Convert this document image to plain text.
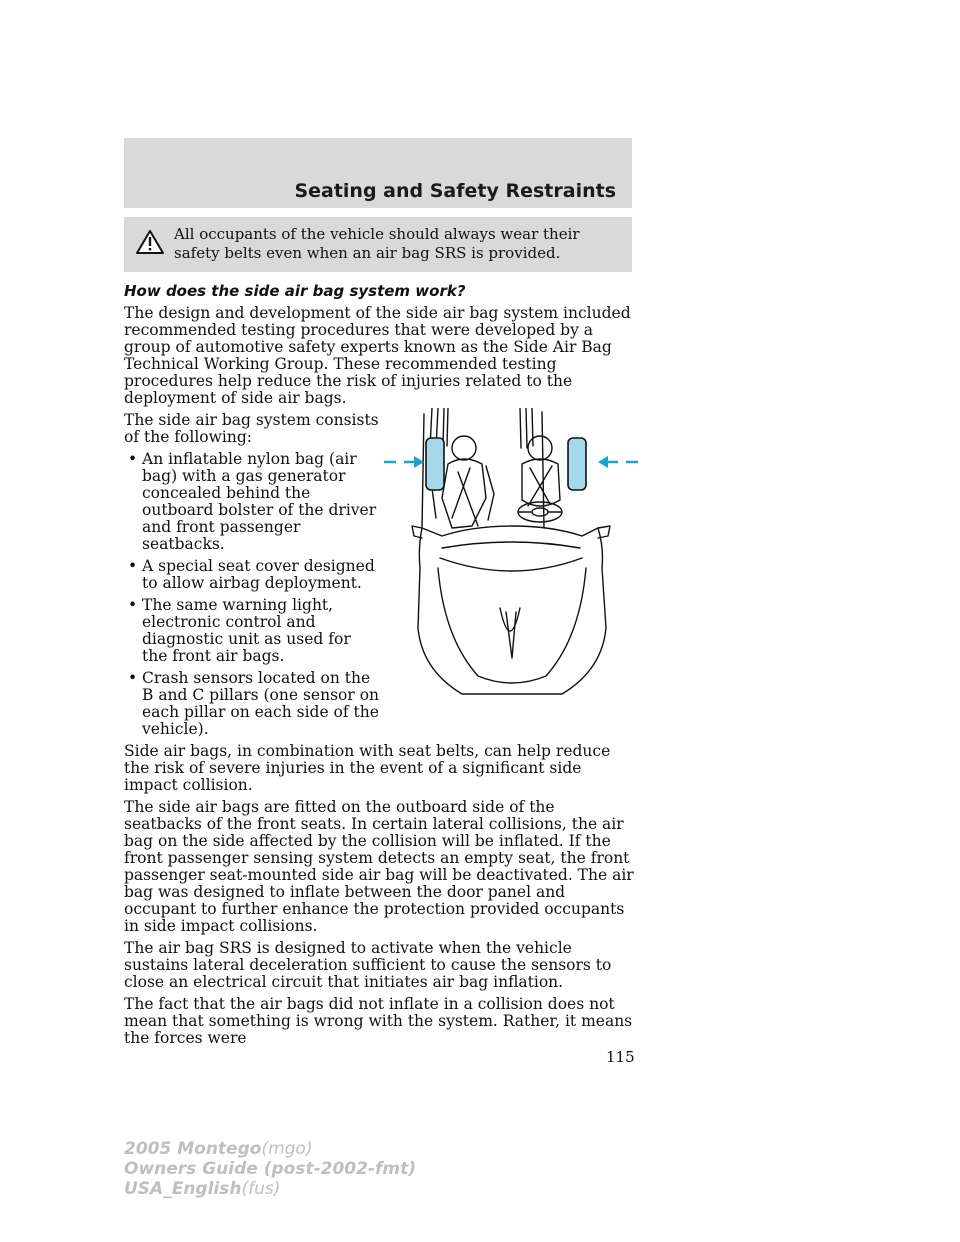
Seating and Safety Restraints
All occupants of the vehicle should always wear their safety belts even when an air bag SRS is provided.

How does the side air bag system work?

The design and development of the side air bag system included recommended testing procedures that were developed by a group of automotive safety experts known as the Side Air Bag Technical Working Group. These recommended testing procedures help reduce the risk of injuries related to the deployment of side air bags.

The side air bag system consists of the following:

• An inflatable nylon bag (air bag) with a gas generator concealed behind the outboard bolster of the driver and front passenger seatbacks.
• A special seat cover designed to allow airbag deployment.
• The same warning light, electronic control and diagnostic unit as used for the front air bags.
• Crash sensors located on the B and C pillars (one sensor on each pillar on each side of the vehicle).

Side air bags, in combination with seat belts, can help reduce the risk of severe injuries in the event of a significant side impact collision.

The side air bags are fitted on the outboard side of the seatbacks of the front seats. In certain lateral collisions, the air bag on the side affected by the collision will be inflated. If the front passenger sensing system detects an empty seat, the front passenger seat-mounted side air bag will be deactivated. The air bag was designed to inflate between the door panel and occupant to further enhance the protection provided occupants in side impact collisions.

The air bag SRS is designed to activate when the vehicle sustains lateral deceleration sufficient to cause the sensors to close an electrical circuit that initiates air bag inflation.

The fact that the air bags did not inflate in a collision does not mean that something is wrong with the system. Rather, it means the forces were

115
2005 Montego(mgo)
Owners Guide (post-2002-fmt)
USA_English(fus)
